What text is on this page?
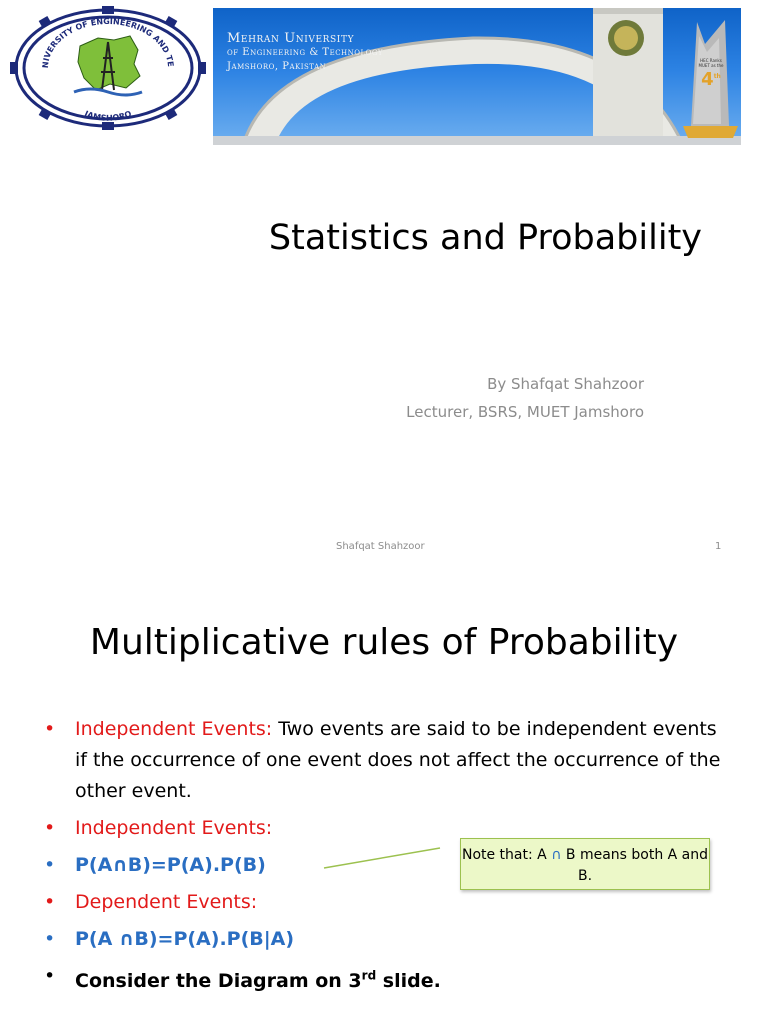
NIVERSITY OF ENGINEERING AND TE
JAMSHORO
Mehran University
of Engineering & Technology
Jamshoro, Pakistan
HEC Ranks
MUET as the
4th
Statistics and Probability
By Shafqat Shahzoor
Lecturer, BSRS, MUET Jamshoro
Shafqat Shahzoor	1
Multiplicative rules of Probability
• Independent Events: Two events are said to be independent events if the occurrence of one event does not affect the occurrence of the other event.
• Independent Events:
• P(A∩B)=P(A).P(B)
• Dependent Events:
• P(A ∩B)=P(A).P(B|A)
• Consider the Diagram on 3rd slide.
Note that: A ∩ B means both A and B.
